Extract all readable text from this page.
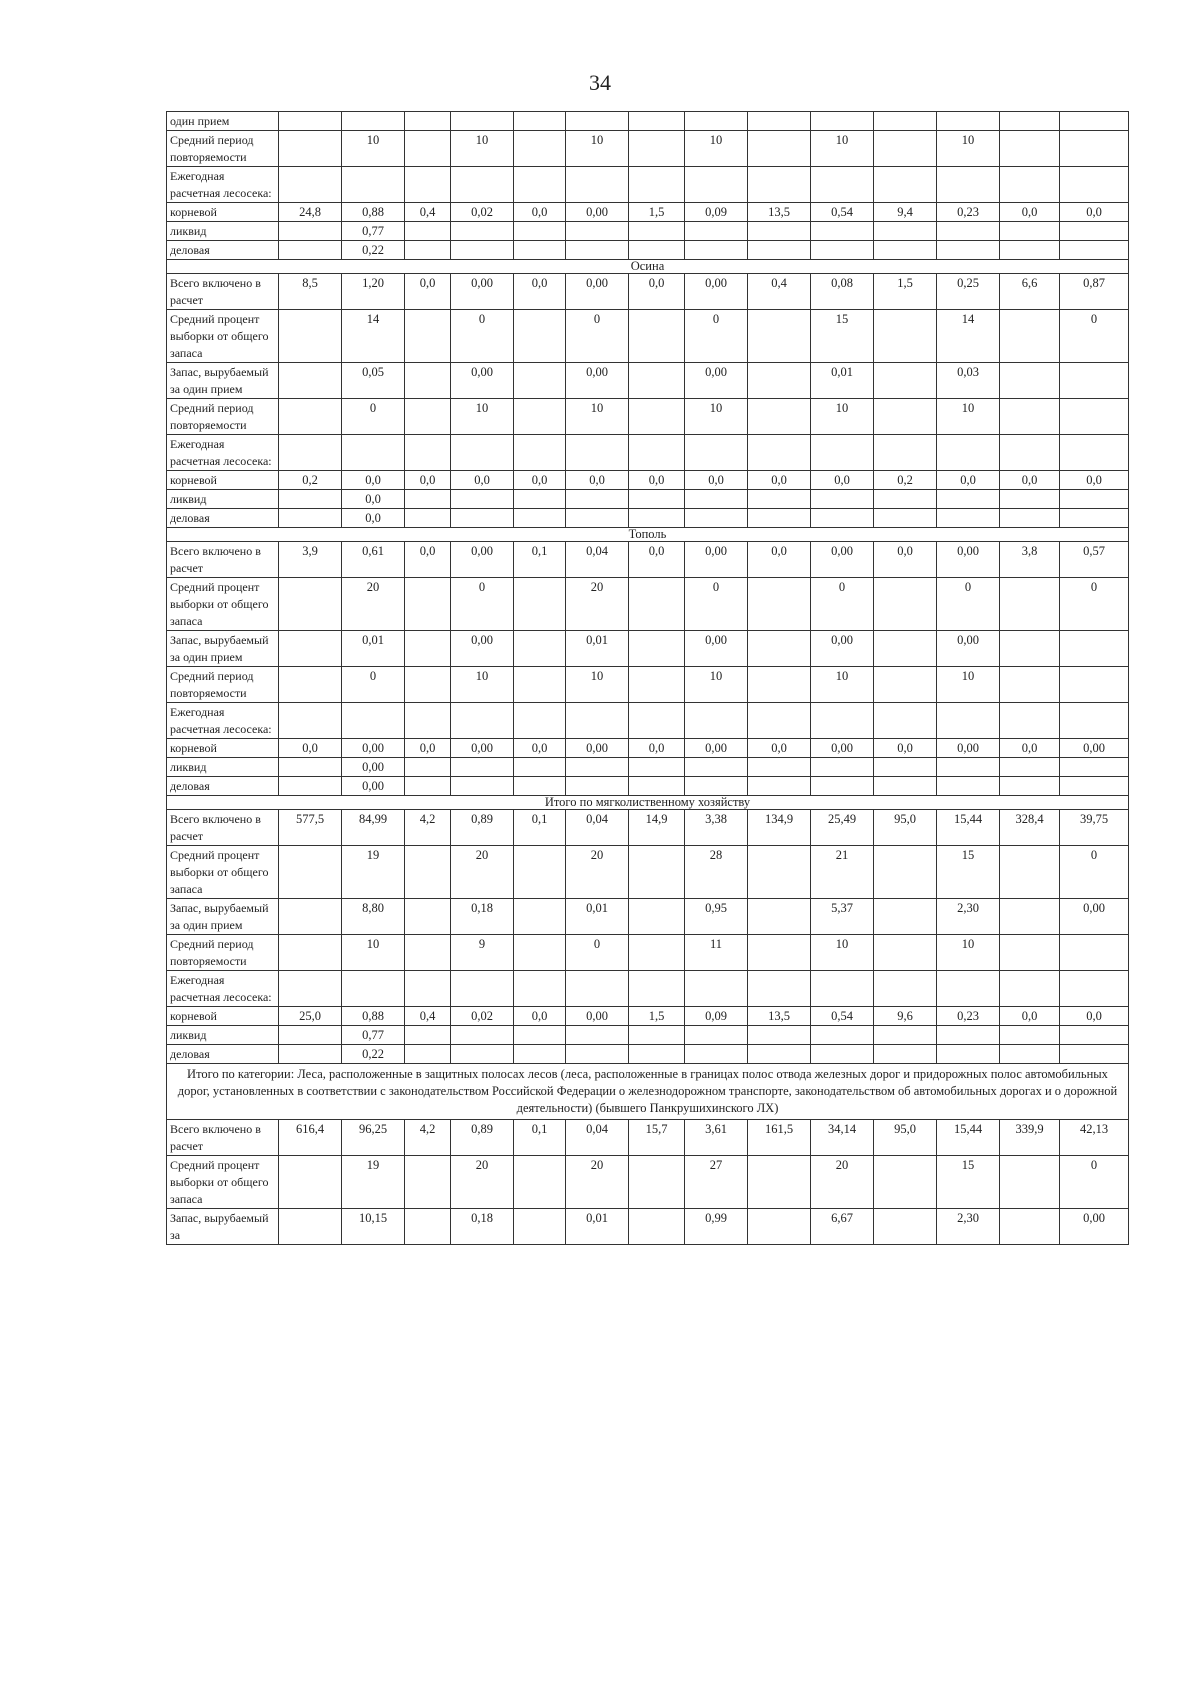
34
один прием														
Средний период повторяемости		10		10		10		10		10		10		
Ежегодная расчетная лесосека:														
корневой	24,8	0,88	0,4	0,02	0,0	0,00	1,5	0,09	13,5	0,54	9,4	0,23	0,0	0,0
ликвид		0,77												
деловая		0,22												
Осина														
Всего включено в расчет	8,5	1,20	0,0	0,00	0,0	0,00	0,0	0,00	0,4	0,08	1,5	0,25	6,6	0,87
Средний процент выборки от общего запаса		14		0		0		0		15		14		0
Запас, вырубаемый за один прием		0,05		0,00		0,00		0,00		0,01		0,03		
Средний период повторяемости		0		10		10		10		10		10		
Ежегодная расчетная лесосека:														
корневой	0,2	0,0	0,0	0,0	0,0	0,0	0,0	0,0	0,0	0,0	0,2	0,0	0,0	0,0
ликвид		0,0												
деловая		0,0												
Тополь														
Всего включено в расчет	3,9	0,61	0,0	0,00	0,1	0,04	0,0	0,00	0,0	0,00	0,0	0,00	3,8	0,57
Средний процент выборки от общего запаса		20		0		20		0		0		0		0
Запас, вырубаемый за один прием		0,01		0,00		0,01		0,00		0,00		0,00		
Средний период повторяемости		0		10		10		10		10		10		
Ежегодная расчетная лесосека:														
корневой	0,0	0,00	0,0	0,00	0,0	0,00	0,0	0,00	0,0	0,00	0,0	0,00	0,0	0,00
ликвид		0,00												
деловая		0,00												
Итого по мягколиственному хозяйству														
Всего включено в расчет	577,5	84,99	4,2	0,89	0,1	0,04	14,9	3,38	134,9	25,49	95,0	15,44	328,4	39,75
Средний процент выборки от общего запаса		19		20		20		28		21		15		0
Запас, вырубаемый за один прием		8,80		0,18		0,01		0,95		5,37		2,30		0,00
Средний период повторяемости		10		9		0		11		10		10		
Ежегодная расчетная лесосека:														
корневой	25,0	0,88	0,4	0,02	0,0	0,00	1,5	0,09	13,5	0,54	9,6	0,23	0,0	0,0
ликвид		0,77												
деловая		0,22												
Итого по категории: Леса, расположенные в защитных полосах лесов (леса, расположенные в границах полос отвода железных дорог и придорожных полос автомобильных дорог, установленных в соответствии с законодательством Российской Федерации о железнодорожном транспорте, законодательством об автомобильных дорогах и о дорожной деятельности) (бывшего Панкрушихинского ЛХ)														
Всего включено в расчет	616,4	96,25	4,2	0,89	0,1	0,04	15,7	3,61	161,5	34,14	95,0	15,44	339,9	42,13
Средний процент выборки от общего запаса		19		20		20		27		20		15		0
Запас, вырубаемый за		10,15		0,18		0,01		0,99		6,67		2,30		0,00
